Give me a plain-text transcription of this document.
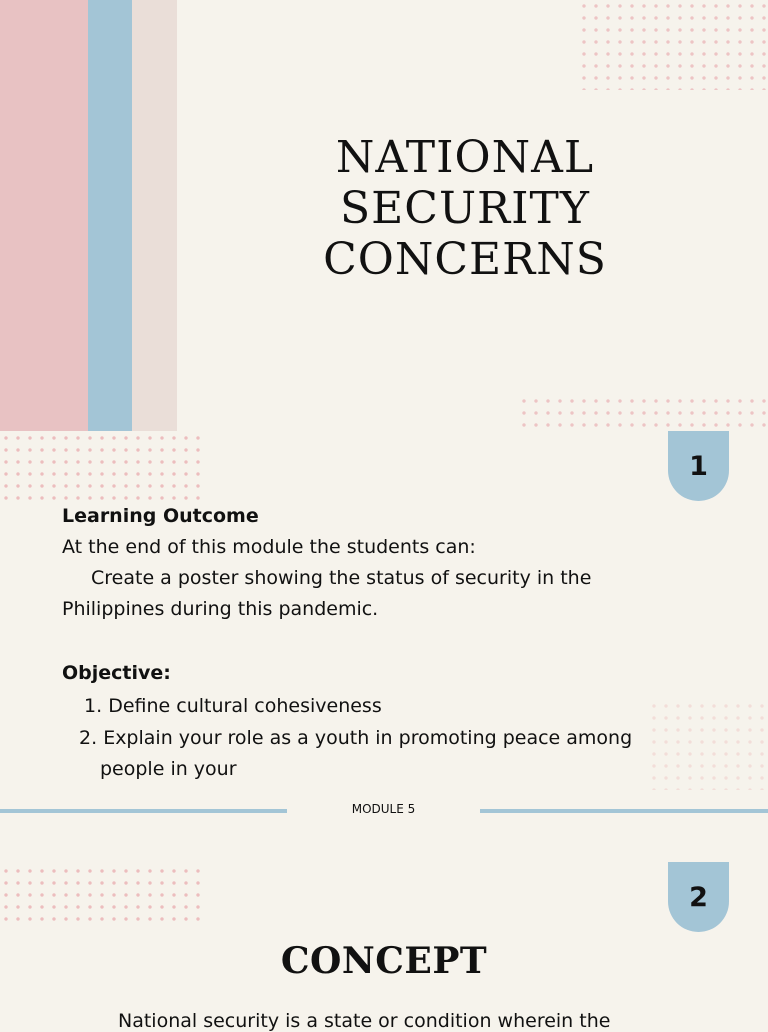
NATIONAL
SECURITY
CONCERNS
1
Learning Outcome
At the end of this module the students can:
Create a poster showing the status of security in the
Philippines during this pandemic.
Objective:
1. Define cultural cohesiveness
2. Explain your role as a youth in promoting peace among
people in your
MODULE 5
2
CONCEPT
National security is a state or condition wherein the
